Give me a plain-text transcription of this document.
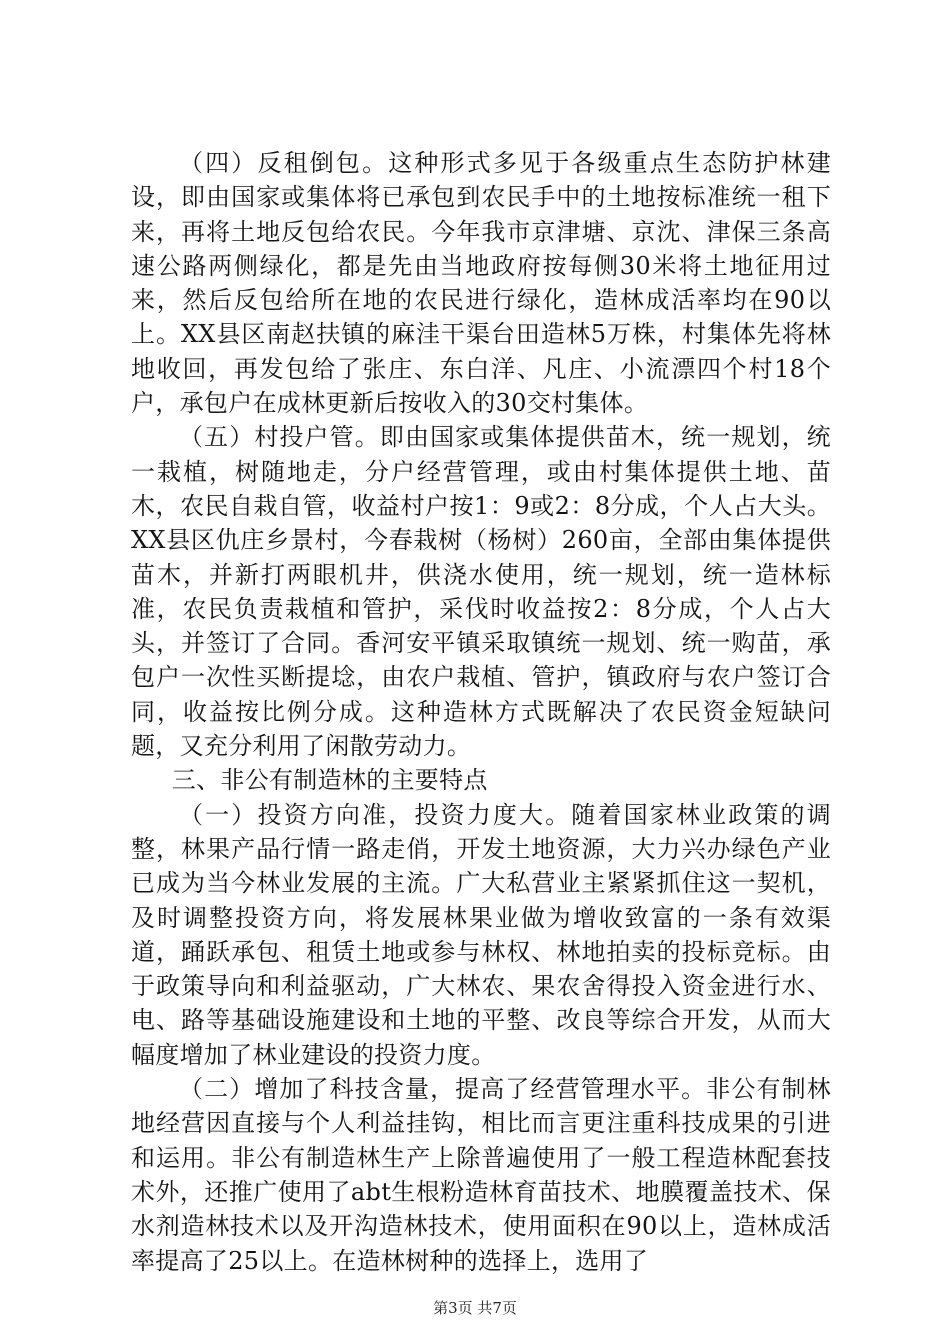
（四）反租倒包。这种形式多见于各级重点生态防护林建设，即由国家或集体将已承包到农民手中的土地按标准统一租下来，再将土地反包给农民。今年我市京津塘、京沈、津保三条高速公路两侧绿化，都是先由当地政府按每侧30米将土地征用过来，然后反包给所在地的农民进行绿化，造林成活率均在90以上。XX县区南赵扶镇的麻洼干渠台田造林5万株，村集体先将林地收回，再发包给了张庄、东白洋、凡庄、小流漂四个村18个户，承包户在成林更新后按收入的30交村集体。

（五）村投户管。即由国家或集体提供苗木，统一规划，统一栽植，树随地走，分户经营管理，或由村集体提供土地、苗木，农民自栽自管，收益村户按1：9或2：8分成，个人占大头。XX县区仇庄乡景村，今春栽树（杨树）260亩，全部由集体提供苗木，并新打两眼机井，供浇水使用，统一规划，统一造林标准，农民负责栽植和管护，采伐时收益按2：8分成，个人占大头，并签订了合同。香河安平镇采取镇统一规划、统一购苗，承包户一次性买断提埝，由农户栽植、管护，镇政府与农户签订合同，收益按比例分成。这种造林方式既解决了农民资金短缺问题，又充分利用了闲散劳动力。

三、非公有制造林的主要特点

（一）投资方向准，投资力度大。随着国家林业政策的调整，林果产品行情一路走俏，开发土地资源，大力兴办绿色产业已成为当今林业发展的主流。广大私营业主紧紧抓住这一契机，及时调整投资方向，将发展林果业做为增收致富的一条有效渠道，踊跃承包、租赁土地或参与林权、林地拍卖的投标竞标。由于政策导向和利益驱动，广大林农、果农舍得投入资金进行水、电、路等基础设施建设和土地的平整、改良等综合开发，从而大幅度增加了林业建设的投资力度。

（二）增加了科技含量，提高了经营管理水平。非公有制林地经营因直接与个人利益挂钩，相比而言更注重科技成果的引进和运用。非公有制造林生产上除普遍使用了一般工程造林配套技术外，还推广使用了abt生根粉造林育苗技术、地膜覆盖技术、保水剂造林技术以及开沟造林技术，使用面积在90以上，造林成活率提高了25以上。在造林树种的选择上，选用了

第3页 共7页
